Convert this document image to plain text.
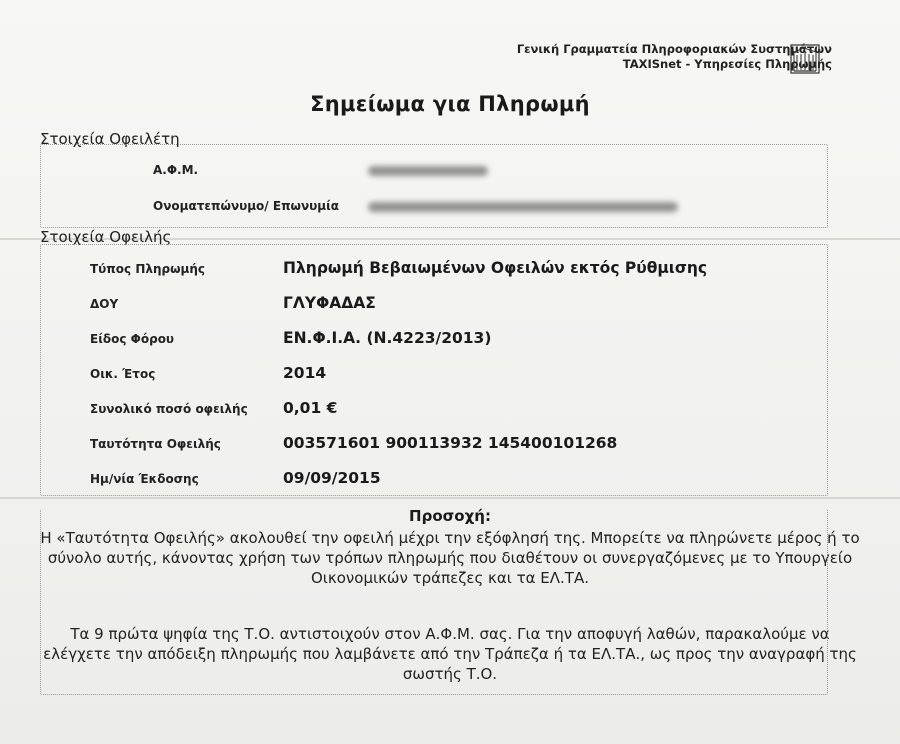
Γενική Γραμματεία Πληροφοριακών Συστημάτων
TAXISnet - Υπηρεσίες Πληρωμής
Σημείωμα για Πληρωμή
Στοιχεία Οφειλέτη
Α.Φ.Μ.
Ονοματεπώνυμο/ Επωνυμία
Στοιχεία Οφειλής
Τύπος Πληρωμής	Πληρωμή Βεβαιωμένων Οφειλών εκτός Ρύθμισης
ΔΟΥ	ΓΛΥΦΑΔΑΣ
Είδος Φόρου	ΕΝ.Φ.Ι.Α. (Ν.4223/2013)
Οικ. Έτος	2014
Συνολικό ποσό οφειλής 0,01 €
Ταυτότητα Οφειλής	003571601 900113932 145400101268
Ημ/νία Έκδοσης	09/09/2015
Προσοχή:
Η «Ταυτότητα Οφειλής» ακολουθεί την οφειλή μέχρι την εξόφλησή της. Μπορείτε να πληρώνετε μέρος ή το σύνολο αυτής, κάνοντας χρήση των τρόπων πληρωμής που διαθέτουν οι συνεργαζόμενες με το Υπουργείο Οικονομικών τράπεζες και τα ΕΛ.ΤΑ.
Τα 9 πρώτα ψηφία της Τ.Ο. αντιστοιχούν στον Α.Φ.Μ. σας. Για την αποφυγή λαθών, παρακαλούμε να ελέγχετε την απόδειξη πληρωμής που λαμβάνετε από την Τράπεζα ή τα ΕΛ.ΤΑ., ως προς την αναγραφή της σωστής Τ.Ο.
